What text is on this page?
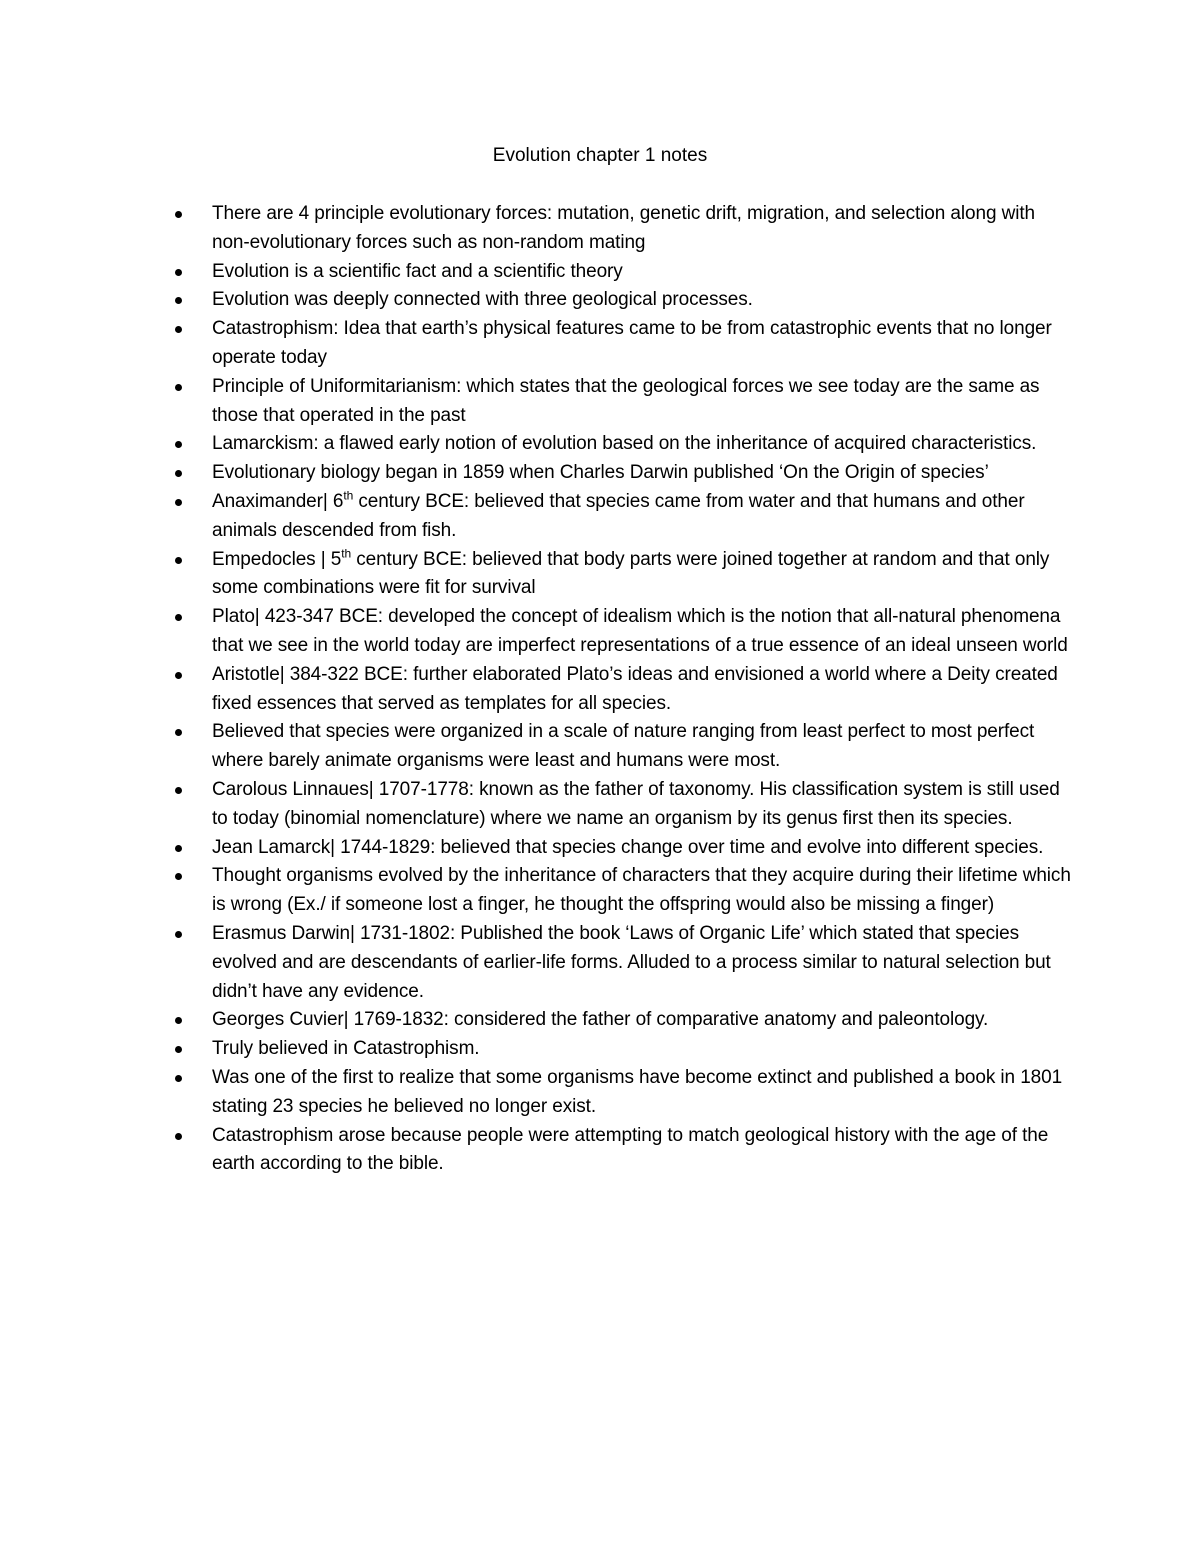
Evolution chapter 1 notes
There are 4 principle evolutionary forces: mutation, genetic drift, migration, and selection along with non-evolutionary forces such as non-random mating
Evolution is a scientific fact and a scientific theory
Evolution was deeply connected with three geological processes.
Catastrophism: Idea that earth’s physical features came to be from catastrophic events that no longer operate today
Principle of Uniformitarianism: which states that the geological forces we see today are the same as those that operated in the past
Lamarckism: a flawed early notion of evolution based on the inheritance of acquired characteristics.
Evolutionary biology began in 1859 when Charles Darwin published ‘On the Origin of species’
Anaximander| 6th century BCE: believed that species came from water and that humans and other animals descended from fish.
Empedocles | 5th century BCE: believed that body parts were joined together at random and that only some combinations were fit for survival
Plato| 423-347 BCE: developed the concept of idealism which is the notion that all-natural phenomena that we see in the world today are imperfect representations of a true essence of an ideal unseen world
Aristotle| 384-322 BCE: further elaborated Plato’s ideas and envisioned a world where a Deity created fixed essences that served as templates for all species.
Believed that species were organized in a scale of nature ranging from least perfect to most perfect where barely animate organisms were least and humans were most.
Carolous Linnaues| 1707-1778: known as the father of taxonomy. His classification system is still used to today (binomial nomenclature) where we name an organism by its genus first then its species.
Jean Lamarck| 1744-1829: believed that species change over time and evolve into different species.
Thought organisms evolved by the inheritance of characters that they acquire during their lifetime which is wrong (Ex./ if someone lost a finger, he thought the offspring would also be missing a finger)
Erasmus Darwin| 1731-1802: Published the book ‘Laws of Organic Life’ which stated that species evolved and are descendants of earlier-life forms. Alluded to a process similar to natural selection but didn’t have any evidence.
Georges Cuvier| 1769-1832: considered the father of comparative anatomy and paleontology.
Truly believed in Catastrophism.
Was one of the first to realize that some organisms have become extinct and published a book in 1801 stating 23 species he believed no longer exist.
Catastrophism arose because people were attempting to match geological history with the age of the earth according to the bible.
